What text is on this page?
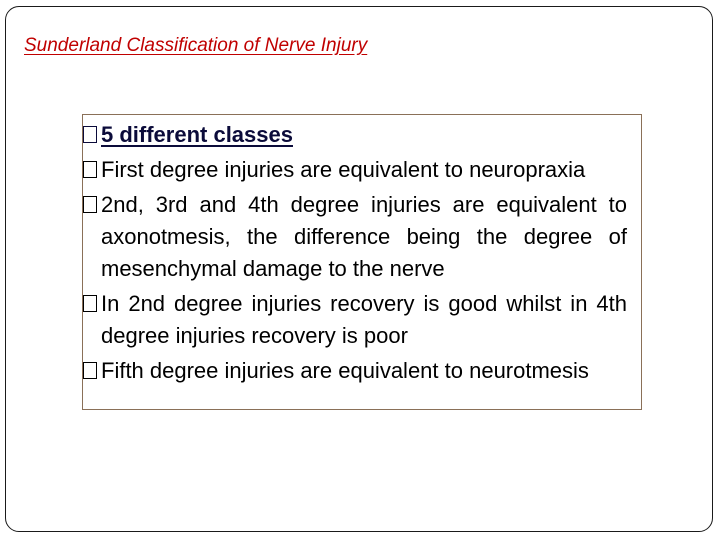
Sunderland Classification of Nerve Injury
5 different classes
First degree injuries are equivalent to neuropraxia
2nd, 3rd and 4th degree injuries are equivalent to axonotmesis, the difference being the degree of mesenchymal damage to the nerve
In 2nd degree injuries recovery is good whilst in 4th degree injuries recovery is poor
Fifth degree injuries are equivalent to neurotmesis
